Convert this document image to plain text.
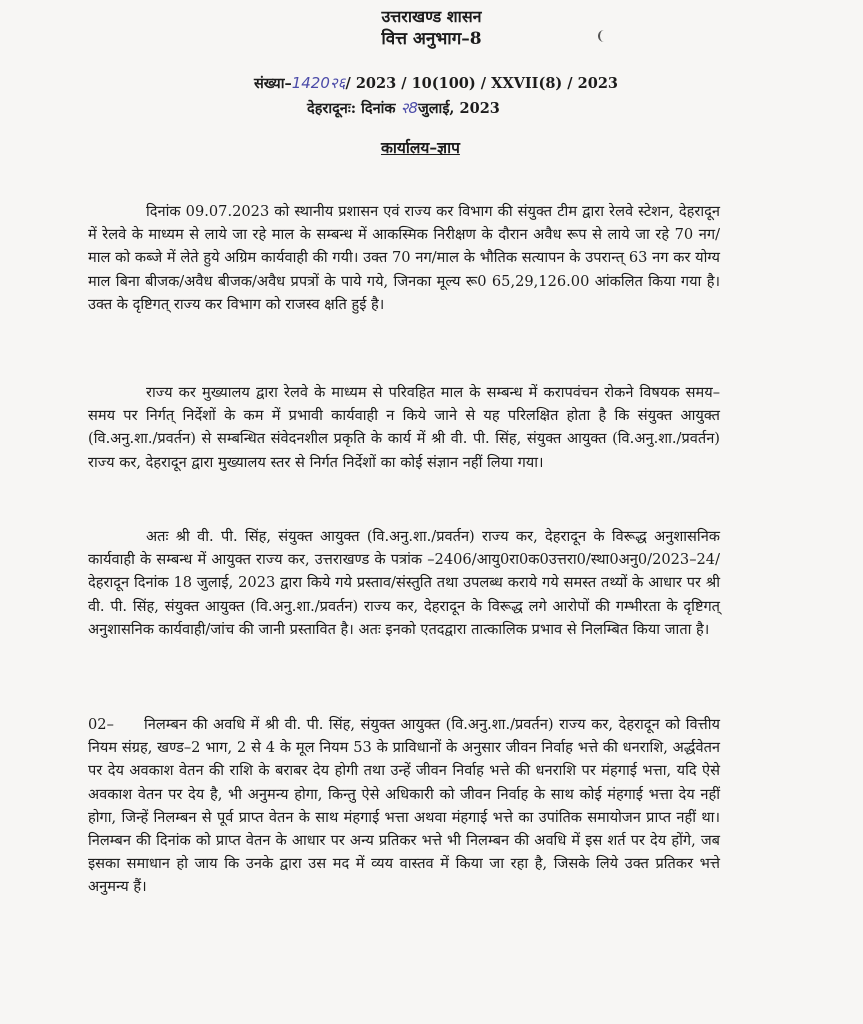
उत्तराखण्ड शासन
वित्त अनुभाग–8
संख्या–1420२६/ 2023 / 10(100) / XXVII(8) / 2023
देहरादूनः: दिनांक २8जुलाई, 2023
कार्यालय–ज्ञाप

दिनांक 09.07.2023 को स्थानीय प्रशासन एवं राज्य कर विभाग की संयुक्त टीम द्वारा रेलवे स्टेशन, देहरादून में रेलवे के माध्यम से लाये जा रहे माल के सम्बन्ध में आकस्मिक निरीक्षण के दौरान अवैध रूप से लाये जा रहे 70 नग/माल को कब्जे में लेते हुये अग्रिम कार्यवाही की गयी। उक्त 70 नग/माल के भौतिक सत्यापन के उपरान्त् 63 नग कर योग्य माल बिना बीजक/अवैध बीजक/अवैध प्रपत्रों के पाये गये, जिनका मूल्य रू0 65,29,126.00 आंकलित किया गया है। उक्त के दृष्टिगत् राज्य कर विभाग को राजस्व क्षति हुई है।

राज्य कर मुख्यालय द्वारा रेलवे के माध्यम से परिवहित माल के सम्बन्ध में करापवंचन रोकने विषयक समय–समय पर निर्गत् निर्देशों के कम में प्रभावी कार्यवाही न किये जाने से यह परिलक्षित होता है कि संयुक्त आयुक्त (वि.अनु.शा./प्रवर्तन) से सम्बन्धित संवेदनशील प्रकृति के कार्य में श्री वी. पी. सिंह, संयुक्त आयुक्त (वि.अनु.शा./प्रवर्तन) राज्य कर, देहरादून द्वारा मुख्यालय स्तर से निर्गत निर्देशों का कोई संज्ञान नहीं लिया गया।

अतः श्री वी. पी. सिंह, संयुक्त आयुक्त (वि.अनु.शा./प्रवर्तन) राज्य कर, देहरादून के विरूद्ध अनुशासनिक कार्यवाही के सम्बन्ध में आयुक्त राज्य कर, उत्तराखण्ड के पत्रांक –2406/आयु0रा0क0उत्तरा0/स्था0अनु0/2023–24/देहरादून दिनांक 18 जुलाई, 2023 द्वारा किये गये प्रस्ताव/संस्तुति तथा उपलब्ध कराये गये समस्त तथ्यों के आधार पर श्री वी. पी. सिंह, संयुक्त आयुक्त (वि.अनु.शा./प्रवर्तन) राज्य कर, देहरादून के विरूद्ध लगे आरोपों की गम्भीरता के दृष्टिगत् अनुशासनिक कार्यवाही/जांच की जानी प्रस्तावित है। अतः इनको एतदद्वारा तात्कालिक प्रभाव से निलम्बित किया जाता है।

02– निलम्बन की अवधि में श्री वी. पी. सिंह, संयुक्त आयुक्त (वि.अनु.शा./प्रवर्तन) राज्य कर, देहरादून को वित्तीय नियम संग्रह, खण्ड–2 भाग, 2 से 4 के मूल नियम 53 के प्राविधानों के अनुसार जीवन निर्वाह भत्ते की धनराशि, अर्द्धवेतन पर देय अवकाश वेतन की राशि के बराबर देय होगी तथा उन्हें जीवन निर्वाह भत्ते की धनराशि पर मंहगाई भत्ता, यदि ऐसे अवकाश वेतन पर देय है, भी अनुमन्य होगा, किन्तु ऐसे अधिकारी को जीवन निर्वाह के साथ कोई मंहगाई भत्ता देय नहीं होगा, जिन्हें निलम्बन से पूर्व प्राप्त वेतन के साथ मंहगाई भत्ता अथवा मंहगाई भत्ते का उपांतिक समायोजन प्राप्त नहीं था। निलम्बन की दिनांक को प्राप्त वेतन के आधार पर अन्य प्रतिकर भत्ते भी निलम्बन की अवधि में इस शर्त पर देय होंगे, जब इसका समाधान हो जाय कि उनके द्वारा उस मद में व्यय वास्तव में किया जा रहा है, जिसके लिये उक्त प्रतिकर भत्ते अनुमन्य हैं।
